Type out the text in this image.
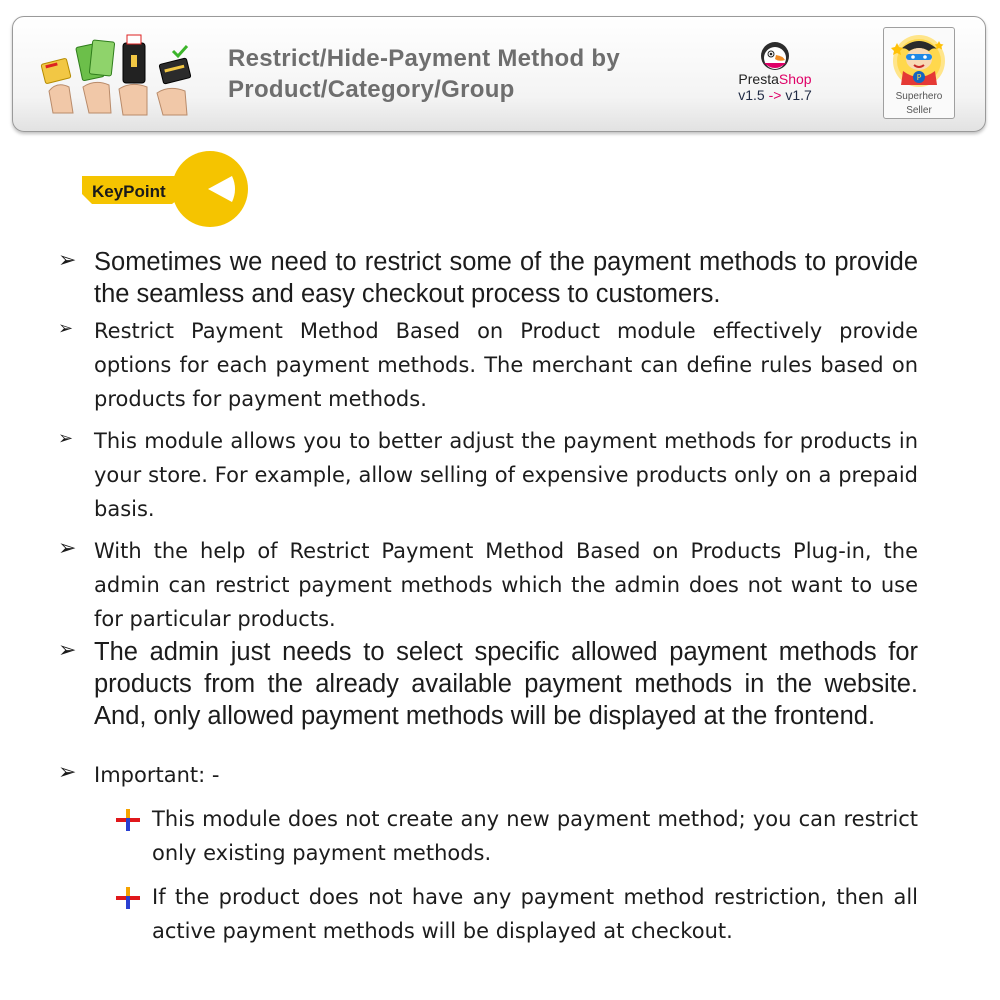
Restrict/Hide-Payment Method by
Product/Category/Group	PrestaShop
v1.5 -> v1.7
P
Superhero
Seller
KeyPoint
➢ Sometimes we need to restrict some of the payment methods to provide the seamless and easy checkout process to customers.
➢ Restrict Payment Method Based on Product module effectively provide options for each payment methods. The merchant can define rules based on products for payment methods.
➢ This module allows you to better adjust the payment methods for products in your store. For example, allow selling of expensive products only on a prepaid basis.
➢ With the help of Restrict Payment Method Based on Products Plug-in, the admin can restrict payment methods which the admin does not want to use for particular products.
➢ The admin just needs to select specific allowed payment methods for products from the already available payment methods in the website. And, only allowed payment methods will be displayed at the frontend.
➢ Important: -
This module does not create any new payment method; you can restrict only existing payment methods.
If the product does not have any payment method restriction, then all active payment methods will be displayed at checkout.
